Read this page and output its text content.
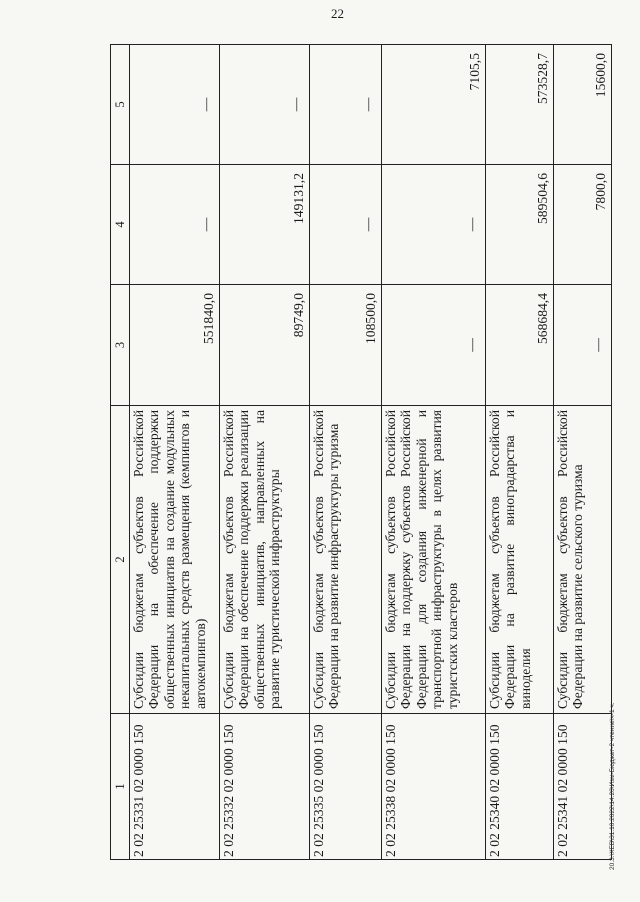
22
1	2	3	4	5
2 02 25331 02 0000 150	Субсидии бюджетам субъектов Российской Федерации на обеспечение поддержки общественных инициатив на создание модульных некапитальных средств размещения (кемпингов и автокемпингов)	551840,0	—	—
2 02 25332 02 0000 150	Субсидии бюджетам субъектов Российской Федерации на обеспечение поддержки реализации общественных инициатив, направленных на развитие туристической инфраструктуры	89749,0	149131,2	—
2 02 25335 02 0000 150	Субсидии бюджетам субъектов Российской Федерации на развитие инфраструктуры туризма	108500,0	—	—
2 02 25338 02 0000 150	Субсидии бюджетам субъектов Российской Федерации на поддержку субъектов Российской Федерации для создания инженерной и транспортной инфраструктуры в целях развития туристских кластеров	—	—	7105,5
2 02 25340 02 0000 150	Субсидии бюджетам субъектов Российской Федерации на развитие виноградарства и виноделия	568684,4	589504,6	573528,7
2 02 25341 02 0000 150	Субсидии бюджетам субъектов Российской Федерации на развитие сельского туризма	—	7800,0	15600,0
20.3.\XEB\31.10.2022\14.20\Изм-Бюджет-2 чтение\ч-1 ч.
